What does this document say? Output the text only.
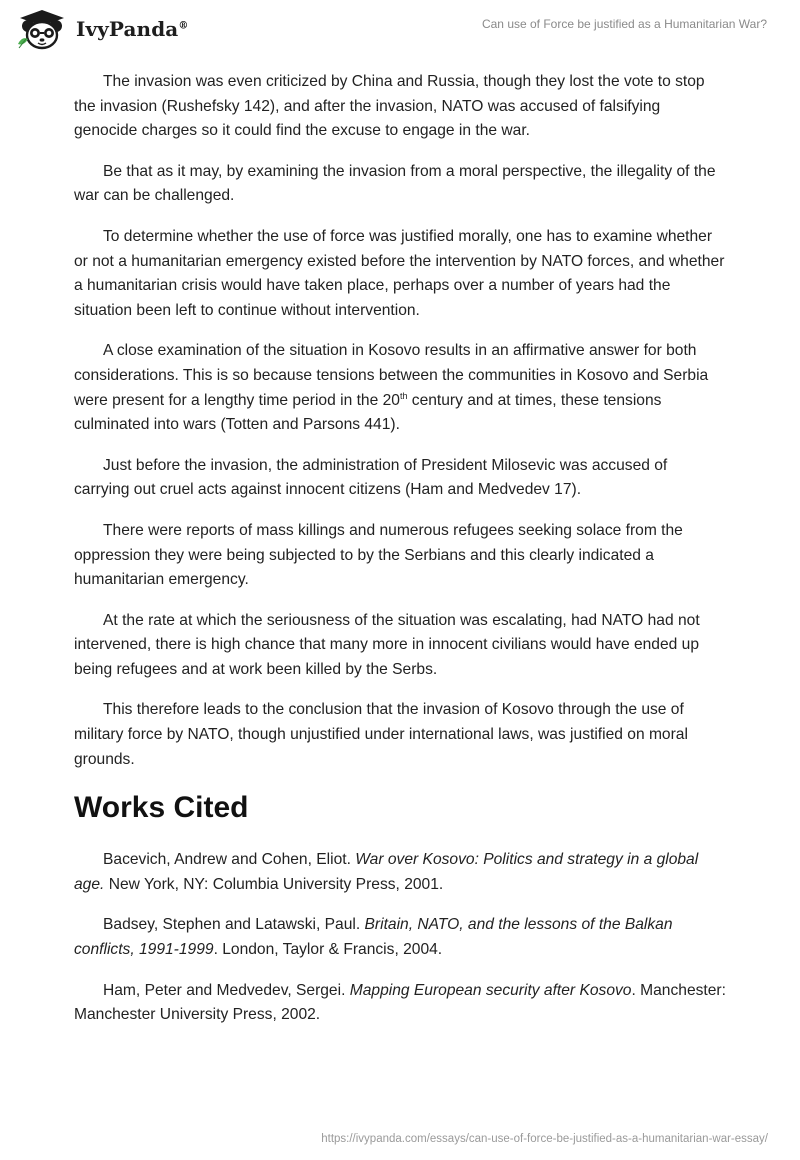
IvyPanda®	Can use of Force be justified as a Humanitarian War?

The invasion was even criticized by China and Russia, though they lost the vote to stop the invasion (Rushefsky 142), and after the invasion, NATO was accused of falsifying genocide charges so it could find the excuse to engage in the war.

Be that as it may, by examining the invasion from a moral perspective, the illegality of the war can be challenged.

To determine whether the use of force was justified morally, one has to examine whether or not a humanitarian emergency existed before the intervention by NATO forces, and whether a humanitarian crisis would have taken place, perhaps over a number of years had the situation been left to continue without intervention.

A close examination of the situation in Kosovo results in an affirmative answer for both considerations. This is so because tensions between the communities in Kosovo and Serbia were present for a lengthy time period in the 20th century and at times, these tensions culminated into wars (Totten and Parsons 441).

Just before the invasion, the administration of President Milosevic was accused of carrying out cruel acts against innocent citizens (Ham and Medvedev 17).

There were reports of mass killings and numerous refugees seeking solace from the oppression they were being subjected to by the Serbians and this clearly indicated a humanitarian emergency.

At the rate at which the seriousness of the situation was escalating, had NATO had not intervened, there is high chance that many more in innocent civilians would have ended up being refugees and at work been killed by the Serbs.

This therefore leads to the conclusion that the invasion of Kosovo through the use of military force by NATO, though unjustified under international laws, was justified on moral grounds.

Works Cited

Bacevich, Andrew and Cohen, Eliot. War over Kosovo: Politics and strategy in a global age. New York, NY: Columbia University Press, 2001.

Badsey, Stephen and Latawski, Paul. Britain, NATO, and the lessons of the Balkan conflicts, 1991-1999. London, Taylor & Francis, 2004.

Ham, Peter and Medvedev, Sergei. Mapping European security after Kosovo. Manchester: Manchester University Press, 2002.

https://ivypanda.com/essays/can-use-of-force-be-justified-as-a-humanitarian-war-essay/
